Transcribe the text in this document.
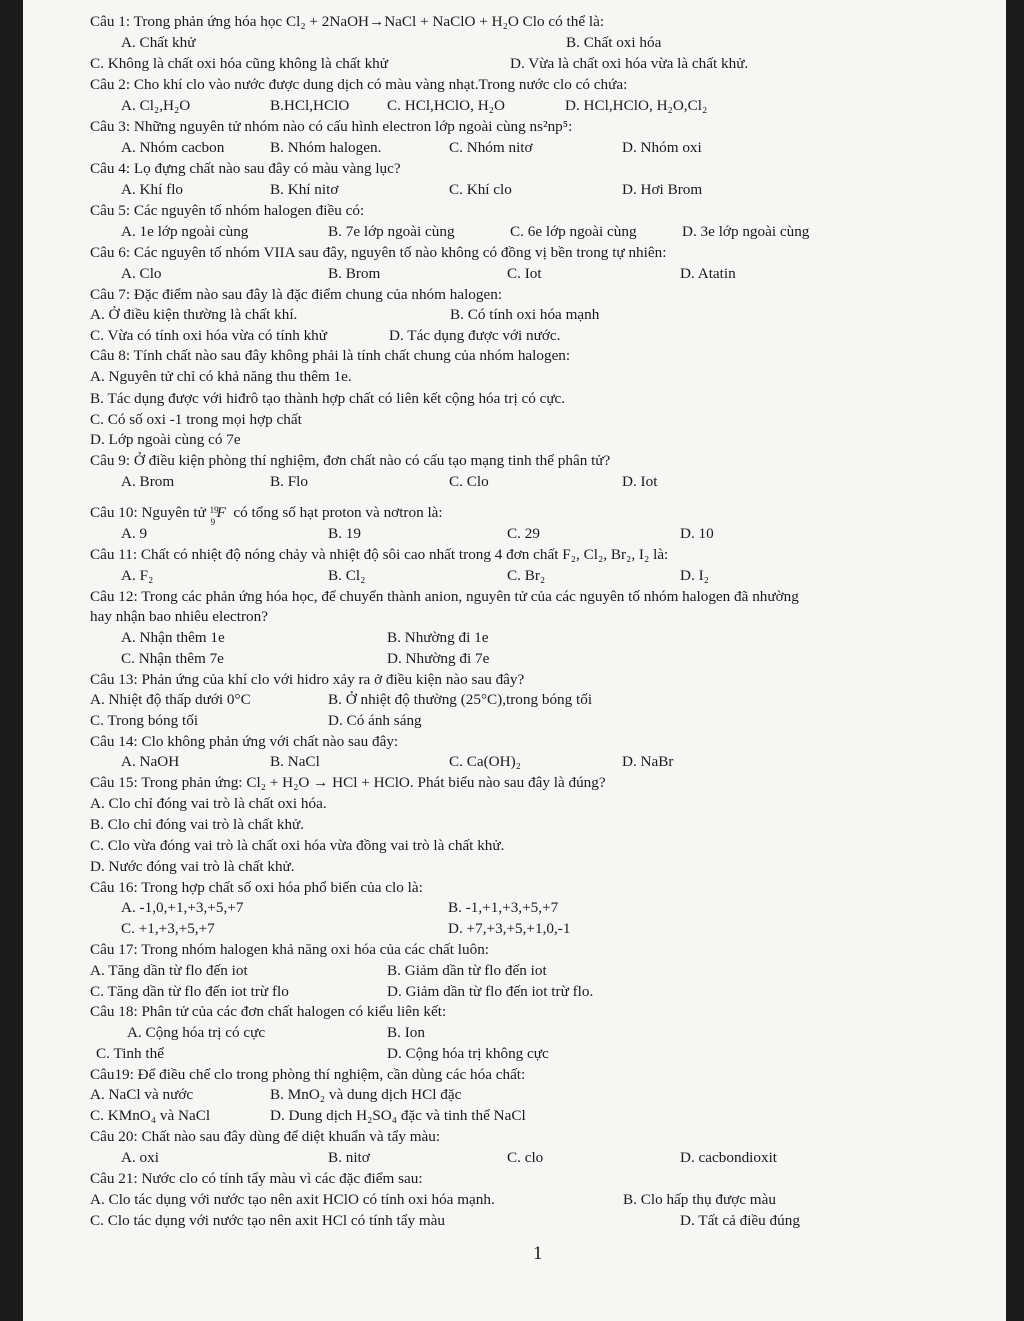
Câu 1: Trong phản ứng hóa học Cl₂ + 2NaOH→NaCl + NaClO + H₂O Clo có thể là:
A. Chất khử	B. Chất oxi hóa
C. Không là chất oxi hóa cũng không là chất khử	D. Vừa là chất oxi hóa vừa là chất khử.
Câu 2: Cho khí clo vào nước được dung dịch có màu vàng nhạt.Trong nước clo có chứa:
A. Cl₂,H₂O	B.HCl,HClO C. HCl,HClO, H₂O	D. HCl,HClO, H₂O,Cl₂
Câu 3: Những nguyên tử nhóm nào có cấu hình electron lớp ngoài cùng ns²np⁵:
A. Nhóm cacbon	B. Nhóm halogen.	C. Nhóm nitơ	D. Nhóm oxi
Câu 4: Lọ đựng chất nào sau đây có màu vàng lục?
A. Khí flo	B. Khí nitơ	C. Khí clo	D. Hơi Brom
Câu 5: Các nguyên tố nhóm halogen điều có:
A. 1e lớp ngoài cùng	B. 7e lớp ngoài cùng	C. 6e lớp ngoài cùng	D. 3e lớp ngoài cùng
Câu 6: Các nguyên tố nhóm VIIA sau đây, nguyên tố nào không có đồng vị bền trong tự nhiên:
A. Clo	B. Brom	C. Iot	D. Atatin
Câu 7: Đặc điểm nào sau đây là đặc điểm chung của nhóm halogen:
A. Ở điều kiện thường là chất khí.	B. Có tính oxi hóa mạnh
C. Vừa có tính oxi hóa vừa có tính khử	D. Tác dụng được với nước.
Câu 8: Tính chất nào sau đây không phải là tính chất chung của nhóm halogen:
A. Nguyên tử chỉ có khả năng thu thêm 1e.
B. Tác dụng được với hiđrô tạo thành hợp chất có liên kết cộng hóa trị có cực.
C. Có số oxi -1 trong mọi hợp chất
D. Lớp ngoài cùng có 7e
Câu 9: Ở điều kiện phòng thí nghiệm, đơn chất nào có cấu tạo mạng tinh thể phân tử?
A. Brom	B. Flo	C. Clo	D. Iot
Câu 10: Nguyên tử 19
9
F có tổng số hạt proton và nơtron là:
A. 9	B. 19	C. 29	D. 10
Câu 11: Chất có nhiệt độ nóng chảy và nhiệt độ sôi cao nhất trong 4 đơn chất F₂, Cl₂, Br₂, I₂ là:
A. F₂	B. Cl₂	C. Br₂	D. I₂
Câu 12: Trong các phản ứng hóa học, để chuyển thành anion, nguyên tử của các nguyên tố nhóm halogen đã nhường
hay nhận bao nhiêu electron?
A. Nhận thêm 1e	B. Nhường đi 1e
C. Nhận thêm 7e	D. Nhường đi 7e
Câu 13: Phản ứng của khí clo với hidro xảy ra ở điều kiện nào sau đây?
A. Nhiệt độ thấp dưới 0°C	B. Ở nhiệt độ thường (25°C),trong bóng tối
C. Trong bóng tối	D. Có ánh sáng
Câu 14: Clo không phản ứng với chất nào sau đây:
A. NaOH	B. NaCl	C. Ca(OH)₂	D. NaBr
Câu 15: Trong phản ứng: Cl₂ + H₂O → HCl + HClO. Phát biểu nào sau đây là đúng?
A. Clo chỉ đóng vai trò là chất oxi hóa.
B. Clo chỉ đóng vai trò là chất khử.
C. Clo vừa đóng vai trò là chất oxi hóa vừa đồng vai trò là chất khử.
D. Nước đóng vai trò là chất khử.
Câu 16: Trong hợp chất số oxi hóa phổ biến của clo là:
A. -1,0,+1,+3,+5,+7	B. -1,+1,+3,+5,+7
C. +1,+3,+5,+7	D. +7,+3,+5,+1,0,-1
Câu 17: Trong nhóm halogen khả năng oxi hóa của các chất luôn:
A. Tăng dần từ flo đến iot	B. Giảm dần từ flo đến iot
C. Tăng dần từ flo đến iot trừ flo	D. Giảm dần từ flo đến iot trừ flo.
Câu 18: Phân tử của các đơn chất halogen có kiểu liên kết:
A. Cộng hóa trị có cực	B. Ion
C. Tinh thể	D. Cộng hóa trị không cực
Câu19: Để điều chế clo trong phòng thí nghiệm, cần dùng các hóa chất:
A. NaCl và nước	B. MnO₂ và dung dịch HCl đặc
C. KMnO₄ và NaCl	D. Dung dịch H₂SO₄ đặc và tinh thể NaCl
Câu 20: Chất nào sau đây dùng để diệt khuẩn và tẩy màu:
A. oxi	B. nitơ	C. clo	D. cacbondioxit
Câu 21: Nước clo có tính tẩy màu vì các đặc điểm sau:
A. Clo tác dụng với nước tạo nên axit HClO có tính oxi hóa mạnh.	B. Clo hấp thụ được màu
C. Clo tác dụng với nước tạo nên axit HCl có tính tẩy màu	D. Tất cả điều đúng
1
